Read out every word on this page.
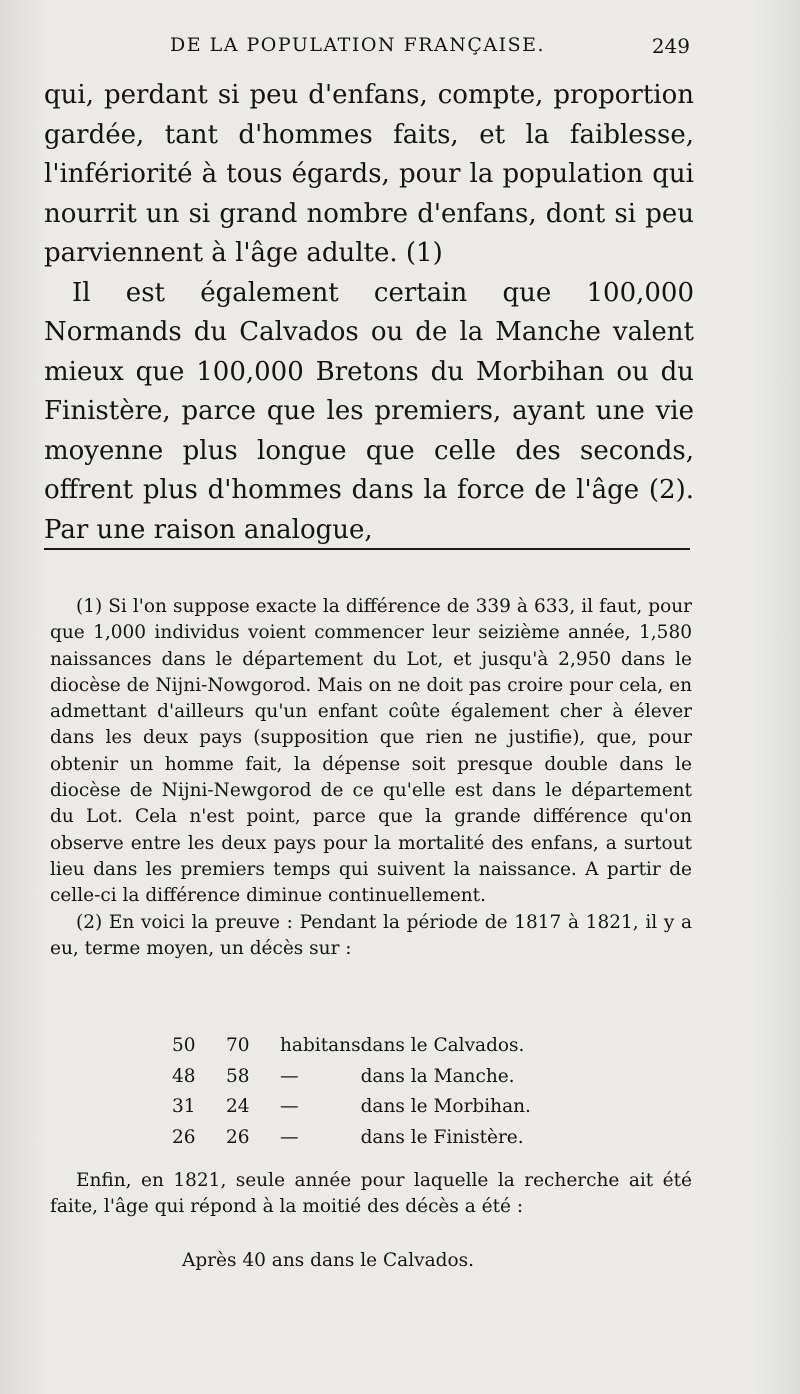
DE LA POPULATION FRANÇAISE.	249

qui, perdant si peu d'enfans, compte, proportion gardée, tant d'hommes faits, et la faiblesse, l'infériorité à tous égards, pour la population qui nourrit un si grand nombre d'enfans, dont si peu parviennent à l'âge adulte. (1)

Il est également certain que 100,000 Normands du Calvados ou de la Manche valent mieux que 100,000 Bretons du Morbihan ou du Finistère, parce que les premiers, ayant une vie moyenne plus longue que celle des seconds, offrent plus d'hommes dans la force de l'âge (2). Par une raison analogue,

(1) Si l'on suppose exacte la différence de 339 à 633, il faut, pour que 1,000 individus voient commencer leur seizième année, 1,580 naissances dans le département du Lot, et jusqu'à 2,950 dans le diocèse de Nijni-Nowgorod. Mais on ne doit pas croire pour cela, en admettant d'ailleurs qu'un enfant coûte également cher à élever dans les deux pays (supposition que rien ne justifie), que, pour obtenir un homme fait, la dépense soit presque double dans le diocèse de Nijni-Newgorod de ce qu'elle est dans le département du Lot. Cela n'est point, parce que la grande différence qu'on observe entre les deux pays pour la mortalité des enfans, a surtout lieu dans les premiers temps qui suivent la naissance. A partir de celle-ci la différence diminue continuellement.

(2) En voici la preuve : Pendant la période de 1817 à 1821, il y a eu, terme moyen, un décès sur :

50	70	habitans	dans le Calvados.
48	58	—	dans la Manche.
31	24	—	dans le Morbihan.
26	26	—	dans le Finistère.

Enfin, en 1821, seule année pour laquelle la recherche ait été faite, l'âge qui répond à la moitié des décès a été :

Après 40 ans dans le Calvados.
